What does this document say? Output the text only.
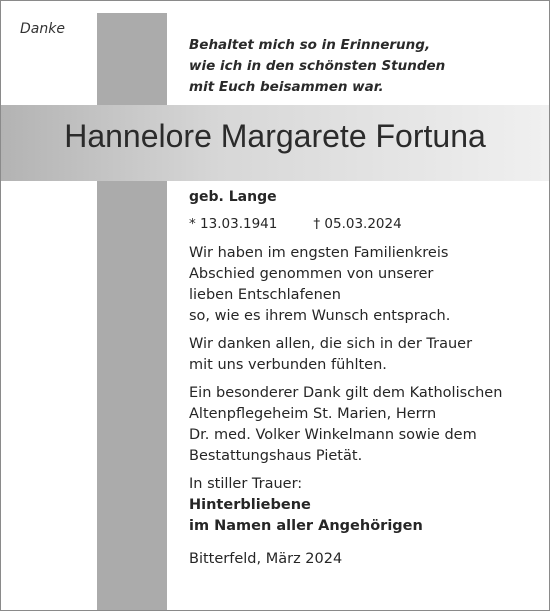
Danke
Behaltet mich so in Erinnerung,
wie ich in den schönsten Stunden
mit Euch beisammen war.
Hannelore Margarete Fortuna
geb. Lange
* 13.03.1941	† 05.03.2024
Wir haben im engsten Familienkreis
Abschied genommen von unserer
lieben Entschlafenen
so, wie es ihrem Wunsch entsprach.
Wir danken allen, die sich in der Trauer
mit uns verbunden fühlten.
Ein besonderer Dank gilt dem Katholischen
Altenpflegeheim St. Marien, Herrn
Dr. med. Volker Winkelmann sowie dem
Bestattungshaus Pietät.
In stiller Trauer:
Hinterbliebene
im Namen aller Angehörigen
Bitterfeld, März 2024
